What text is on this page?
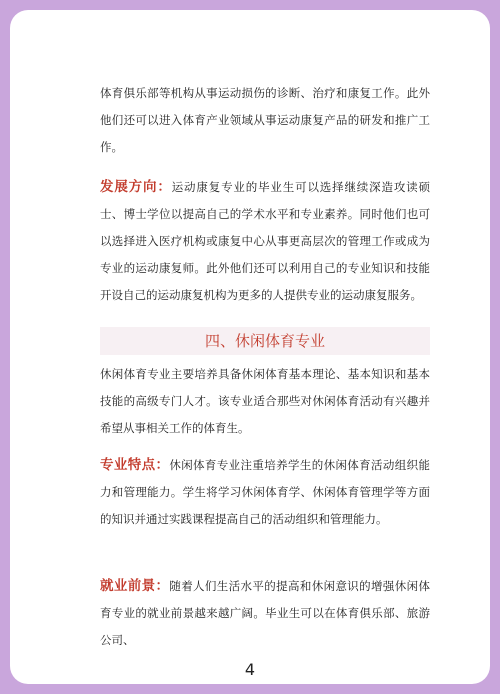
体育俱乐部等机构从事运动损伤的诊断、治疗和康复工作。此外他们还可以进入体育产业领域从事运动康复产品的研发和推广工作。

发展方向：运动康复专业的毕业生可以选择继续深造攻读硕士、博士学位以提高自己的学术水平和专业素养。同时他们也可以选择进入医疗机构或康复中心从事更高层次的管理工作或成为专业的运动康复师。此外他们还可以利用自己的专业知识和技能开设自己的运动康复机构为更多的人提供专业的运动康复服务。

四、休闲体育专业

休闲体育专业主要培养具备休闲体育基本理论、基本知识和基本技能的高级专门人才。该专业适合那些对休闲体育活动有兴趣并希望从事相关工作的体育生。

专业特点：休闲体育专业注重培养学生的休闲体育活动组织能力和管理能力。学生将学习休闲体育学、休闲体育管理学等方面的知识并通过实践课程提高自己的活动组织和管理能力。

就业前景：随着人们生活水平的提高和休闲意识的增强休闲体育专业的就业前景越来越广阔。毕业生可以在体育俱乐部、旅游公司、

4
